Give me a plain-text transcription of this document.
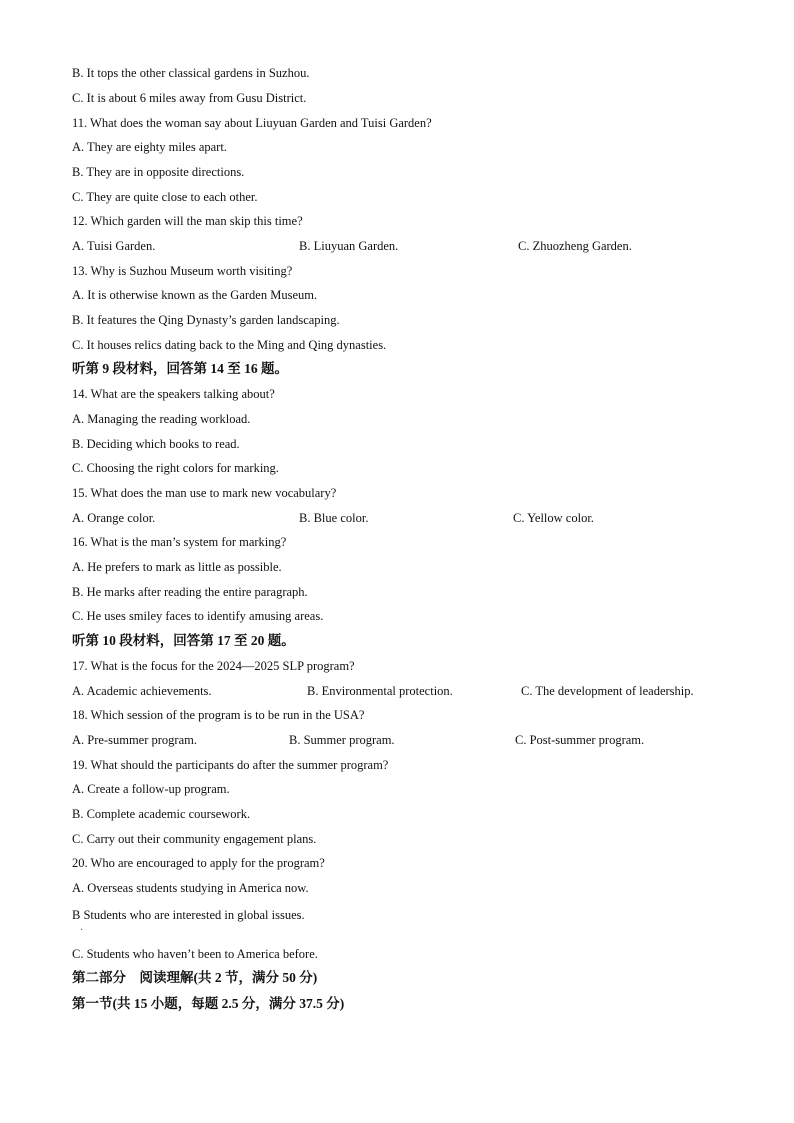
B. It tops the other classical gardens in Suzhou.
C. It is about 6 miles away from Gusu District.
11. What does the woman say about Liuyuan Garden and Tuisi Garden?
A. They are eighty miles apart.
B. They are in opposite directions.
C. They are quite close to each other.
12. Which garden will the man skip this time?
A. Tuisi Garden.	B. Liuyuan Garden.	C. Zhuozheng Garden.
13. Why is Suzhou Museum worth visiting?
A. It is otherwise known as the Garden Museum.
B. It features the Qing Dynasty’s garden landscaping.
C. It houses relics dating back to the Ming and Qing dynasties.
听第 9 段材料，回答第 14 至 16 题。
14. What are the speakers talking about?
A. Managing the reading workload.
B. Deciding which books to read.
C. Choosing the right colors for marking.
15. What does the man use to mark new vocabulary?
A. Orange color.	B. Blue color.	C. Yellow color.
16. What is the man’s system for marking?
A. He prefers to mark as little as possible.
B. He marks after reading the entire paragraph.
C. He uses smiley faces to identify amusing areas.
听第 10 段材料，回答第 17 至 20 题。
17. What is the focus for the 2024—2025 SLP program?
A. Academic achievements.	B. Environmental protection.	C. The development of leadership.
18. Which session of the program is to be run in the USA?
A. Pre-summer program.	B. Summer program.	C. Post-summer program.
19. What should the participants do after the summer program?
A. Create a follow-up program.
B. Complete academic coursework.
C. Carry out their community engagement plans.
20. Who are encouraged to apply for the program?
A. Overseas students studying in America now.
B Students who are interested in global issues.
·
C. Students who haven’t been to America before.
第二部分　阅读理解(共 2 节，满分 50 分)
第一节(共 15 小题，每题 2.5 分，满分 37.5 分)
